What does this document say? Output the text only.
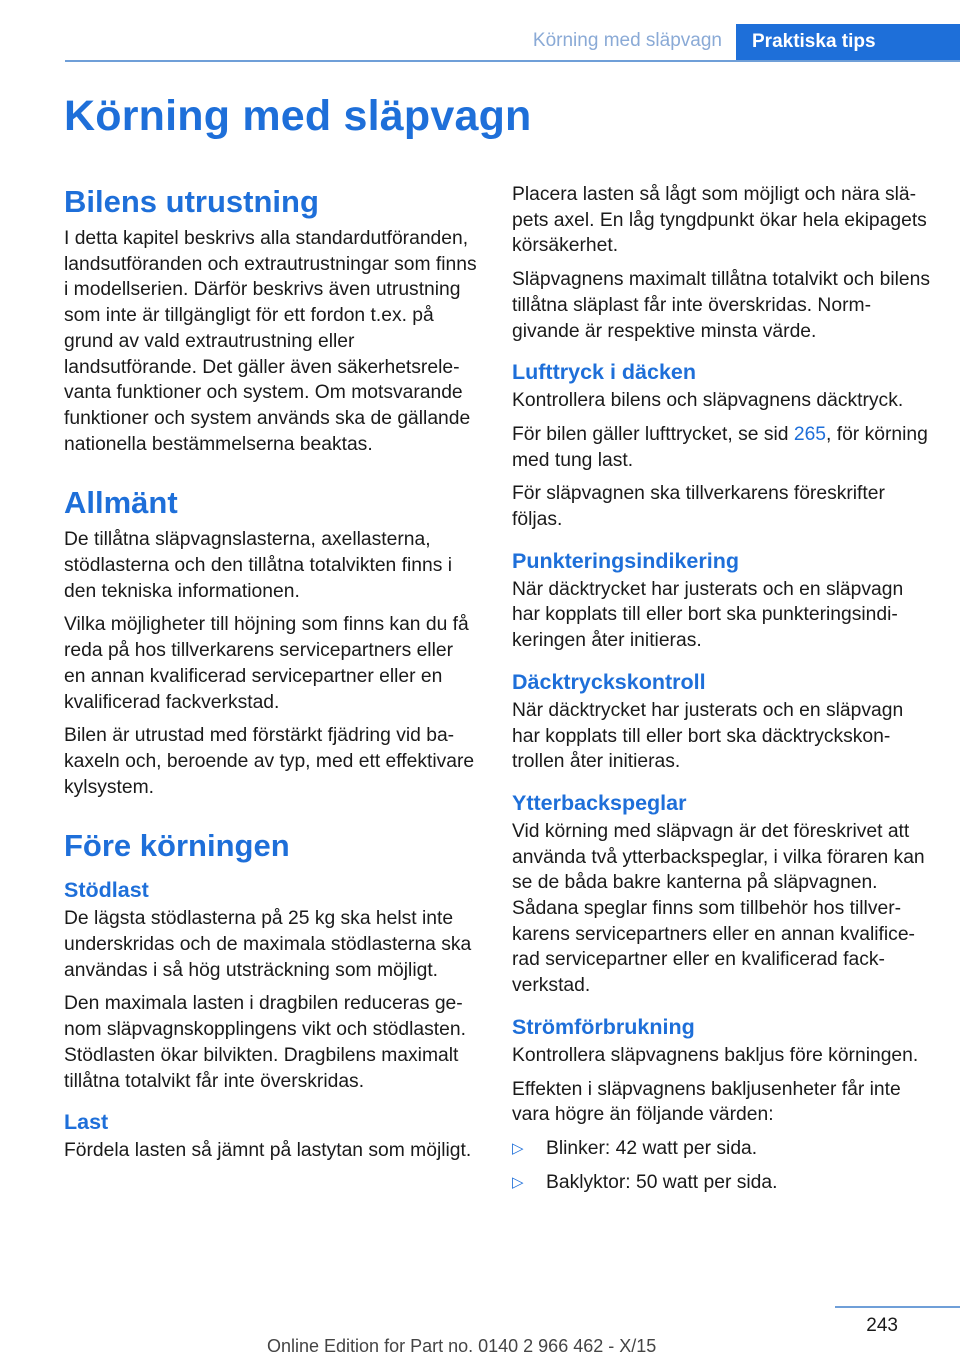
Körning med släpvagn	Praktiska tips
Körning med släpvagn
Bilens utrustning

I detta kapitel beskrivs alla standardutföranden, landsutföranden och extrautrustningar som finns i modellserien. Därför beskrivs även utrustning som inte är tillgängligt för ett fordon t.ex. på grund av vald extrautrustning eller landsutförande. Det gäller även säkerhetsrelevanta funktioner och system. Om motsvarande funktioner och system används ska de gällande nationella bestämmelserna beaktas.

Allmänt

De tillåtna släpvagnslasterna, axellasterna, stödlasterna och den tillåtna totalvikten finns i den tekniska informationen.

Vilka möjligheter till höjning som finns kan du få reda på hos tillverkarens servicepartners eller en annan kvalificerad servicepartner eller en kvalificerad fackverkstad.

Bilen är utrustad med förstärkt fjädring vid bakaxeln och, beroende av typ, med ett effektivare kylsystem.

Före körningen
Stödlast

De lägsta stödlasterna på 25 kg ska helst inte underskridas och de maximala stödlasterna ska användas i så hög utsträckning som möjligt.

Den maximala lasten i dragbilen reduceras genom släpvagnskopplingens vikt och stödlasten. Stödlasten ökar bilvikten. Dragbilens maximalt tillåtna totalvikt får inte överskridas.

Last

Fördela lasten så jämnt på lastytan som möjligt.

Placera lasten så lågt som möjligt och nära släpets axel. En låg tyngdpunkt ökar hela ekipagets körsäkerhet.

Släpvagnens maximalt tillåtna totalvikt och bilens tillåtna släplast får inte överskridas. Normgivande är respektive minsta värde.

Lufttryck i däcken

Kontrollera bilens och släpvagnens däcktryck.

För bilen gäller lufttrycket, se sid 265, för körning med tung last.

För släpvagnen ska tillverkarens föreskrifter följas.

Punkteringsindikering

När däcktrycket har justerats och en släpvagn har kopplats till eller bort ska punkteringsindikeringen åter initieras.

Däcktryckskontroll

När däcktrycket har justerats och en släpvagn har kopplats till eller bort ska däcktryckskontrollen åter initieras.

Ytterbackspeglar

Vid körning med släpvagn är det föreskrivet att använda två ytterbackspeglar, i vilka föraren kan se de båda bakre kanterna på släpvagnen. Sådana speglar finns som tillbehör hos tillverkarens servicepartners eller en annan kvalificerad servicepartner eller en kvalificerad fackverkstad.

Strömförbrukning

Kontrollera släpvagnens bakljus före körningen.

Effekten i släpvagnens bakljusenheter får inte vara högre än följande värden:

▷ Blinker: 42 watt per sida.
▷ Baklyktor: 50 watt per sida.
243
Online Edition for Part no. 0140 2 966 462 - X/15
